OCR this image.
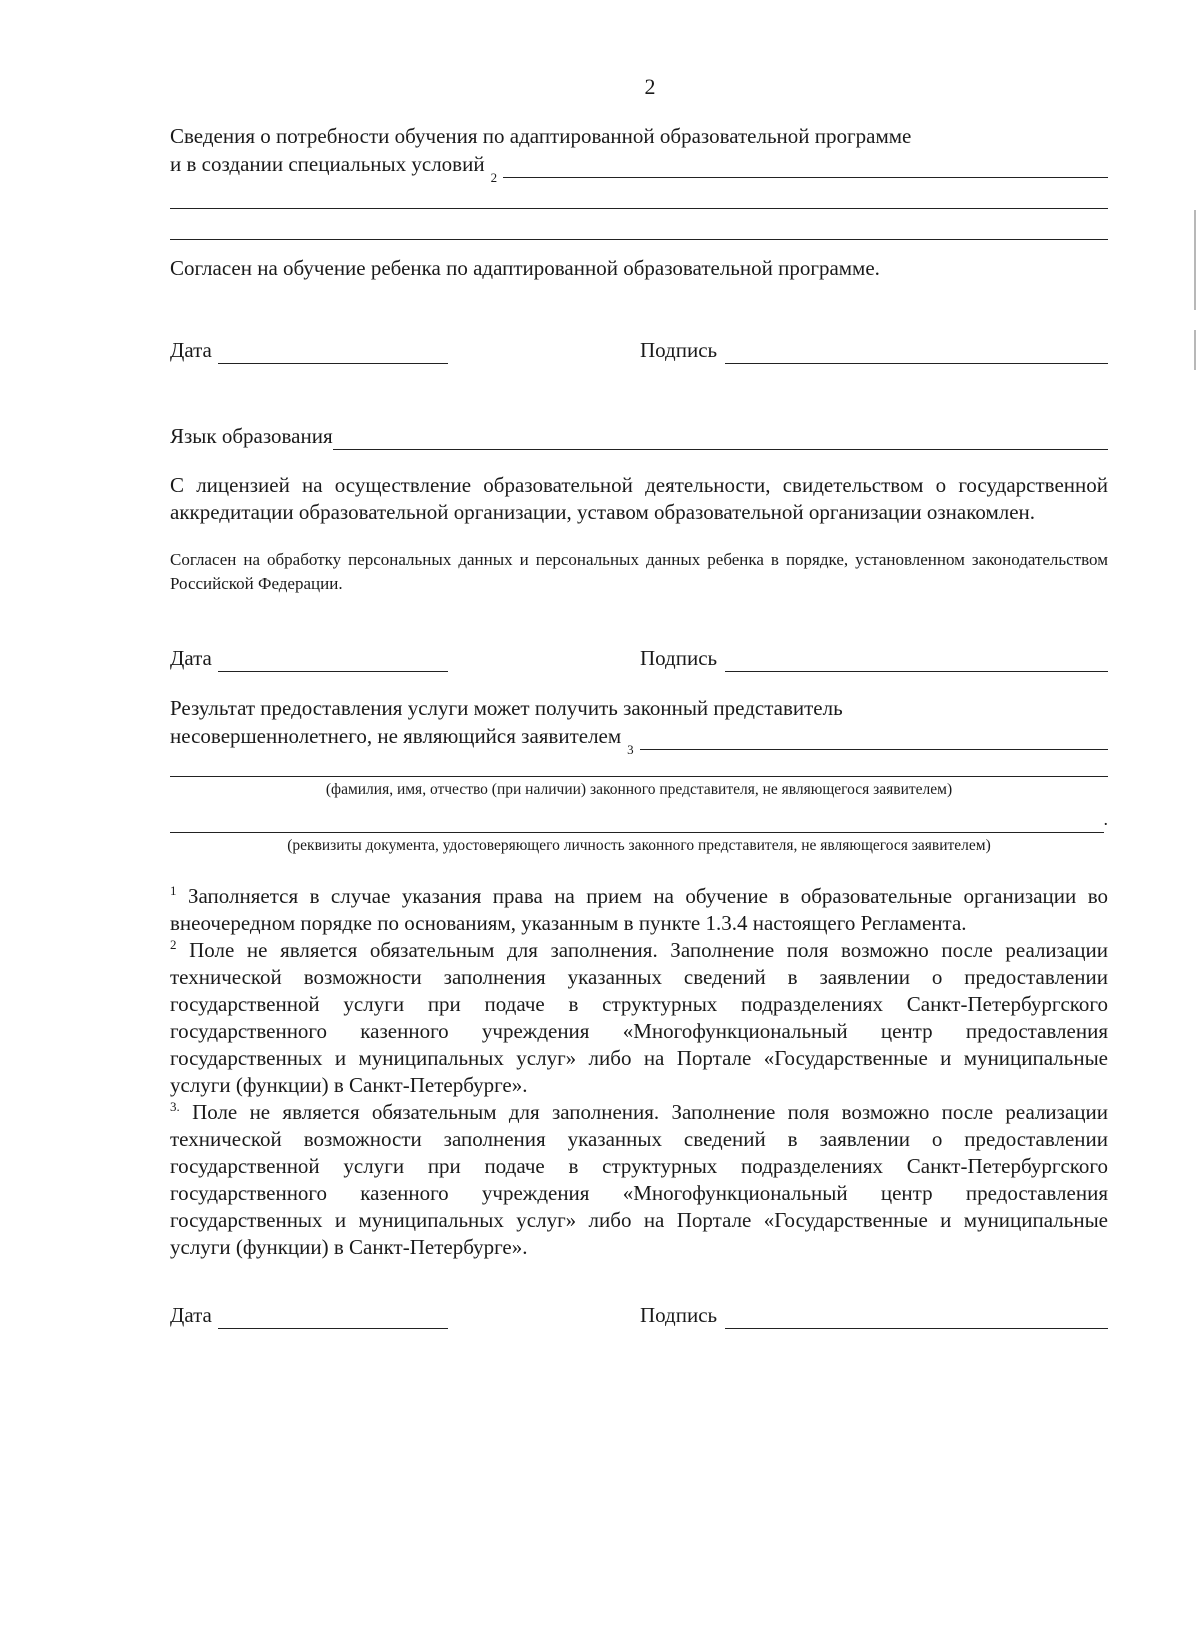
2
Сведения о потребности обучения по адаптированной образовательной программе
и в создании специальных условий
2
Согласен на обучение ребенка по адаптированной образовательной программе.
Дата	Подпись
Язык образования
С лицензией на осуществление образовательной деятельности, свидетельством о государственной аккредитации образовательной организации, уставом образовательной организации ознакомлен.
Согласен на обработку персональных данных и персональных данных ребенка в порядке, установленном законодательством Российской Федерации.
Дата	Подпись
Результат предоставления услуги может получить законный представитель
несовершеннолетнего, не являющийся заявителем
3
(фамилия, имя, отчество (при наличии) законного представителя, не являющегося заявителем)
.
(реквизиты документа, удостоверяющего личность законного представителя, не являющегося заявителем)
$^1$ Заполняется в случае указания права на прием на обучение в образовательные организации во внеочередном порядке по основаниям, указанным в пункте 1.3.4 настоящего Регламента.
$^2$ Поле не является обязательным для заполнения. Заполнение поля возможно после реализации технической возможности заполнения указанных сведений в заявлении о предоставлении государственной услуги при подаче в структурных подразделениях Санкт-Петербургского государственного казенного учреждения «Многофункциональный центр предоставления государственных и муниципальных услуг» либо на Портале «Государственные и муниципальные услуги (функции) в Санкт-Петербурге».
$^{3.}$ Поле не является обязательным для заполнения. Заполнение поля возможно после реализации технической возможности заполнения указанных сведений в заявлении о предоставлении государственной услуги при подаче в структурных подразделениях Санкт-Петербургского государственного казенного учреждения «Многофункциональный центр предоставления государственных и муниципальных услуг» либо на Портале «Государственные и муниципальные услуги (функции) в Санкт-Петербурге».
Дата	Подпись
